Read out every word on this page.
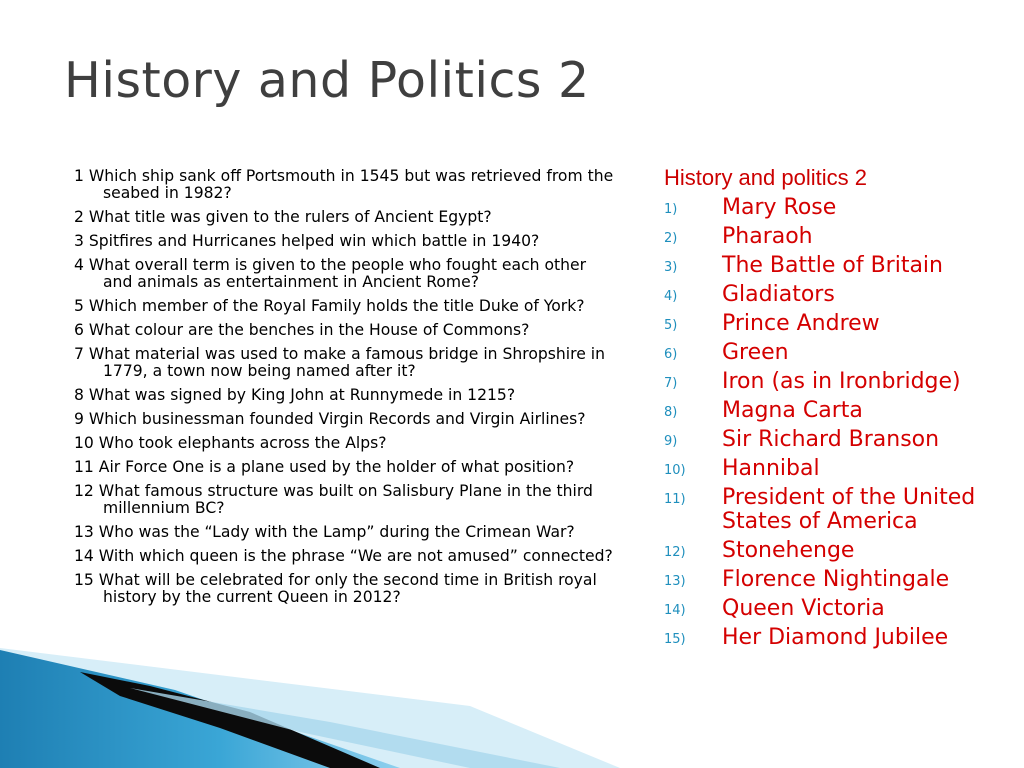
History and Politics 2
1 Which ship sank off Portsmouth in 1545 but was retrieved from the seabed in 1982?
2 What title was given to the rulers of Ancient Egypt?
3 Spitfires and Hurricanes helped win which battle in 1940?
4 What overall term is given to the people who fought each other and animals as entertainment in Ancient Rome?
5 Which member of the Royal Family holds the title Duke of York?
6 What colour are the benches in the House of Commons?
7 What material was used to make a famous bridge in Shropshire in 1779, a town now being named after it?
8 What was signed by King John at Runnymede in 1215?
9 Which businessman founded Virgin Records and Virgin Airlines?
10 Who took elephants across the Alps?
11 Air Force One is a plane used by the holder of what position?
12 What famous structure was built on Salisbury Plane in the third millennium BC?
13 Who was the “Lady with the Lamp” during the Crimean War?
14 With which queen is the phrase “We are not amused” connected?
15 What will be celebrated for only the second time in British royal history by the current Queen in 2012?
History and politics 2
1)	Mary Rose
2)	Pharaoh
3)	The Battle of Britain
4)	Gladiators
5)	Prince Andrew
6)	Green
7)	Iron (as in Ironbridge)
8)	Magna Carta
9)	Sir Richard Branson
10)	Hannibal
11)	President of the United States of America
12)	Stonehenge
13)	Florence Nightingale
14)	Queen Victoria
15)	Her Diamond Jubilee
